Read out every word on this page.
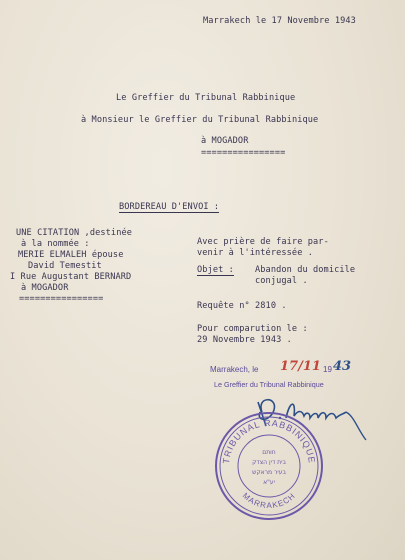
Marrakech le 17 Novembre 1943
Le Greffier du Tribunal Rabbinique
à Monsieur le Greffier du Tribunal Rabbinique
à MOGADOR
================
BORDEREAU D'ENVOI :
UNE CITATION ,destinée
à la nommée :
MERIE ELMALEH épouse
David Temestit
I Rue Augustant BERNARD
à MOGADOR
================
Avec prière de faire par-
venir à l'intéressée .
Objet : Abandon du domicile
conjugal .
Requête n° 2810 .
Pour comparution le :
29 Novembre 1943 .
Marrakech, le 17/11 19 43
Le Greffier du Tribunal Rabbinique
TRIBUNAL RABBINIQUE
MARRAKECH
חותם
בית דין הצדק
בעיר מראקש
יע"א
